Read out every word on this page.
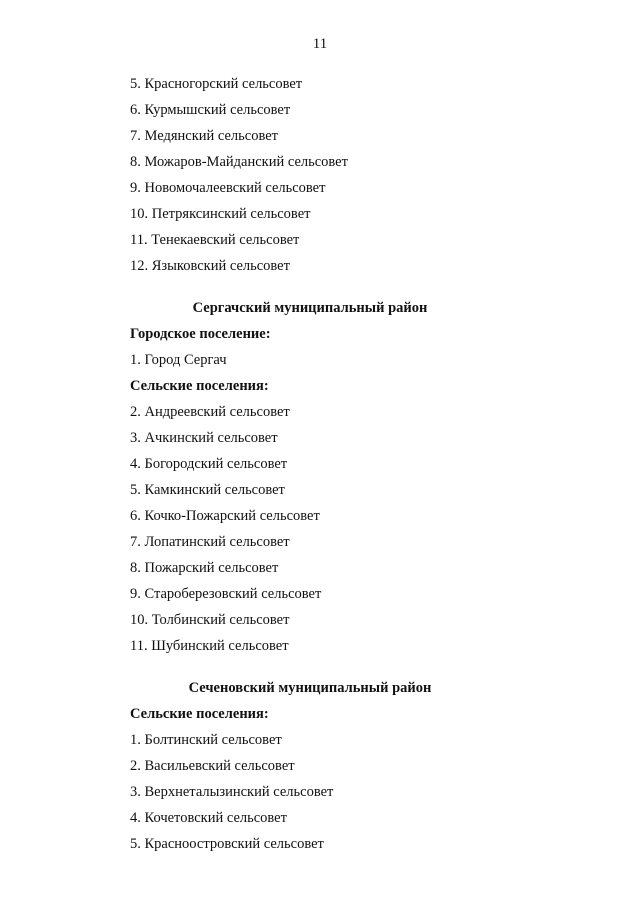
11
5. Красногорский сельсовет
6. Курмышский сельсовет
7. Медянский сельсовет
8. Можаров-Майданский сельсовет
9. Новомочалеевский сельсовет
10. Петряксинский сельсовет
11. Тенекаевский сельсовет
12. Языковский сельсовет
Сергачский муниципальный район
Городское поселение:
1. Город Сергач
Сельские поселения:
2. Андреевский сельсовет
3. Ачкинский сельсовет
4. Богородский сельсовет
5. Камкинский сельсовет
6. Кочко-Пожарский сельсовет
7. Лопатинский сельсовет
8. Пожарский сельсовет
9. Староберезовский сельсовет
10. Толбинский сельсовет
11. Шубинский сельсовет
Сеченовский муниципальный район
Сельские поселения:
1. Болтинский сельсовет
2. Васильевский сельсовет
3. Верхнеталызинский сельсовет
4. Кочетовский сельсовет
5. Красноостровский сельсовет
